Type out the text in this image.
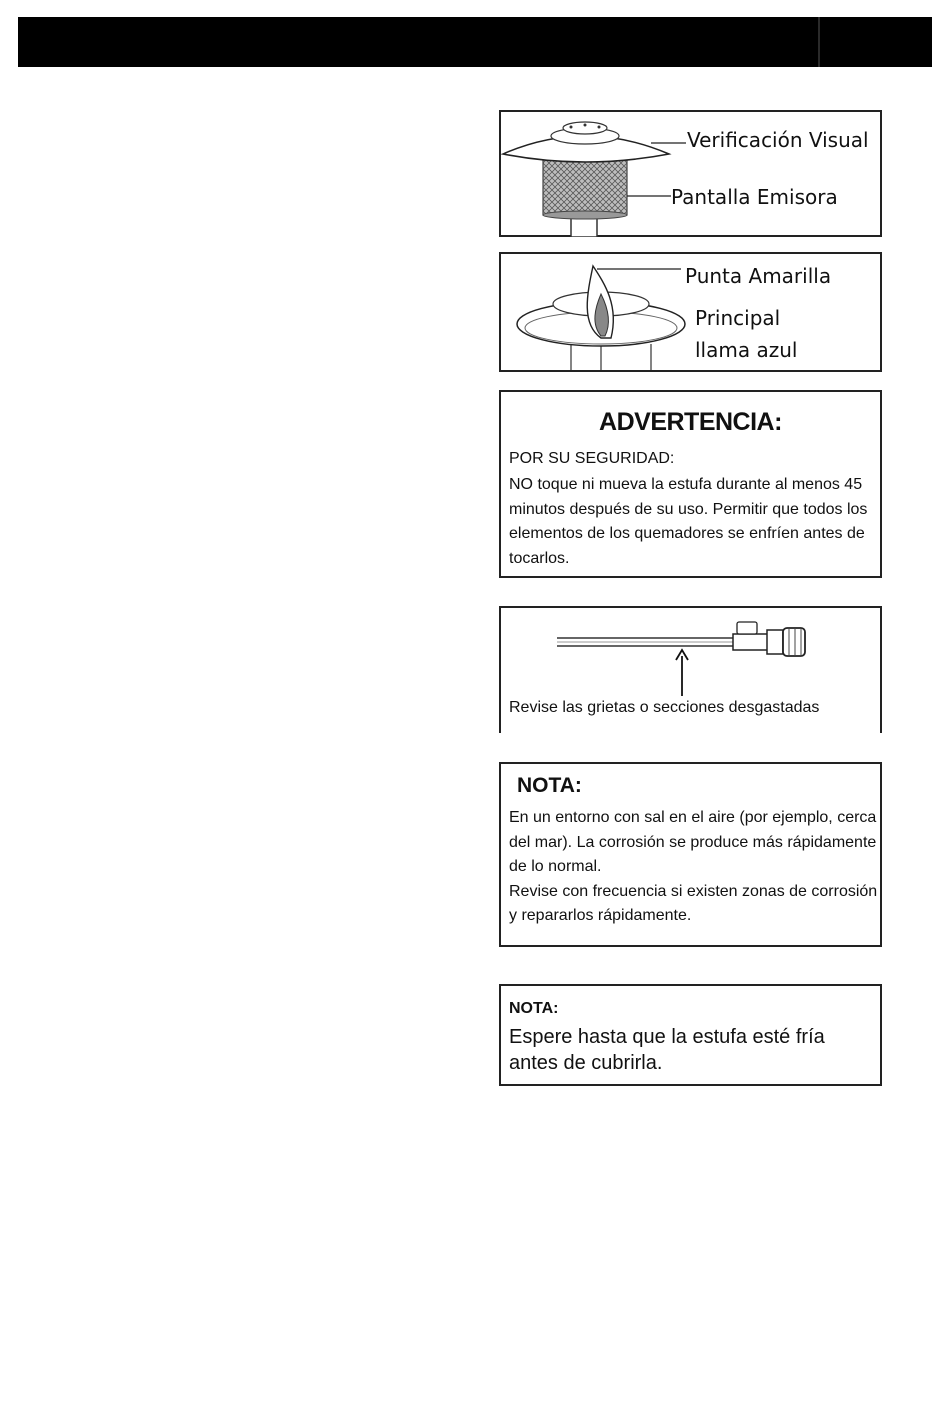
Verificación Visual
Pantalla Emisora
Punta Amarilla
Principal
llama azul
ADVERTENCIA:
POR SU SEGURIDAD:
NO toque ni mueva la estufa durante al menos 45 minutos después de su uso. Permitir que todos los elementos de los quemadores se enfríen antes de tocarlos.
Revise las grietas o secciones desgastadas
NOTA:

En un entorno con sal en el aire (por ejemplo, cerca del mar). La corrosión se produce más rápidamente de lo normal.

Revise con frecuencia si existen zonas de corrosión y repararlos rápidamente.

NOTA:
Espere hasta que la estufa esté fría antes de cubrirla.
